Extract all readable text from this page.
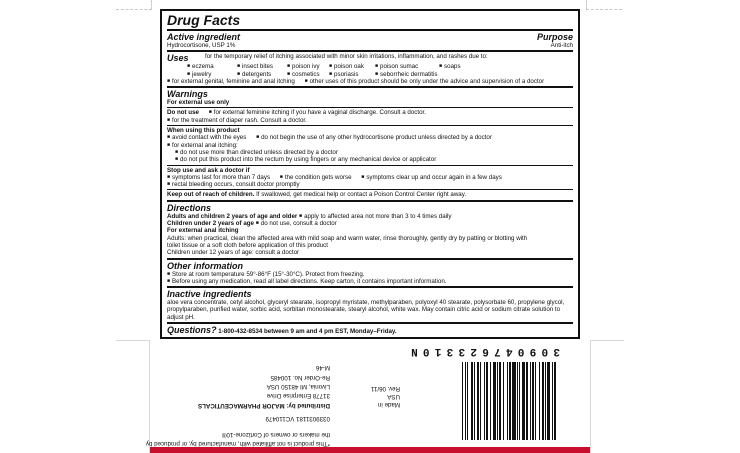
Drug Facts
Active ingredient	Purpose
Hydrocortisone, USP 1%	Anti-itch
Uses	for the temporary relief of itching associated with minor skin irritations, inflammation, and rashes due to:
■ eczema	■ insect bites	■ poison ivy	■ poison oak	■ poison sumac	■ soaps
■ jewelry	■ detergents	■ cosmetics	■ psoriasis	■ seborrheic dermatitis
■ for external genital, feminine and anal itching ■ other uses of this product should be only under the advice and supervision of a doctor
Warnings
For external use only
Do not use ■ for external feminine itching if you have a vaginal discharge. Consult a doctor.
■ for the treatment of diaper rash. Consult a doctor.
When using this product
■ avoid contact with the eyes ■ do not begin the use of any other hydrocortisone product unless directed by a doctor
■ for external anal itching:
■ do not use more than directed unless directed by a doctor
■ do not put this product into the rectum by using fingers or any mechanical device or applicator
Stop use and ask a doctor if
■ symptoms last for more than 7 days ■ the condition gets worse ■ symptoms clear up and occur again in a few days
■ rectal bleeding occurs, consult doctor promptly
Keep out of reach of children. If swallowed, get medical help or contact a Poison Control Center right away.
Directions
Adults and children 2 years of age and older ■ apply to affected area not more than 3 to 4 times daily
Children under 2 years of age ■ do not use, consult a doctor
For external anal itching
Adults: when practical, clean the affected area with mild soap and warm water, rinse thoroughly, gently dry by patting or blotting with
toilet tissue or a soft cloth before application of this product
Children under 12 years of age: consult a doctor
Other information
■ Store at room temperature 59°-86°F (15°-30°C). Protect from freezing.
■ Before using any medication, read all label directions. Keep carton, it contains important information.
Inactive ingredients
aloe vera concentrate, cetyl alcohol, glyceryl stearate, isopropyl myristate, methylparaben, polyoxyl 40 stearate, polysorbate 60, propylene glycol, propylparaben, purified water, sorbic acid, sorbitan monostearate, stearyl alcohol, white wax. May contain citric acid or sodium citrate solution to adjust pH.
Questions? 1-800-432-8534 between 9 am and 4 pm EST, Monday–Friday.
*This product is not affiliated with, manufactured by, or produced by
the makers or owners of Cortizone-10®
0339031181 VC110479
Distributed by: MAJOR PHARMACEUTICALS
31778 Enterprise Drive
Livonia, MI 48150 USA
Re-Order No. 100485
M-46
Made in
USA
Rev. 06/11
3
0
9
0
4
7
6
2
3
3
1
0
N
